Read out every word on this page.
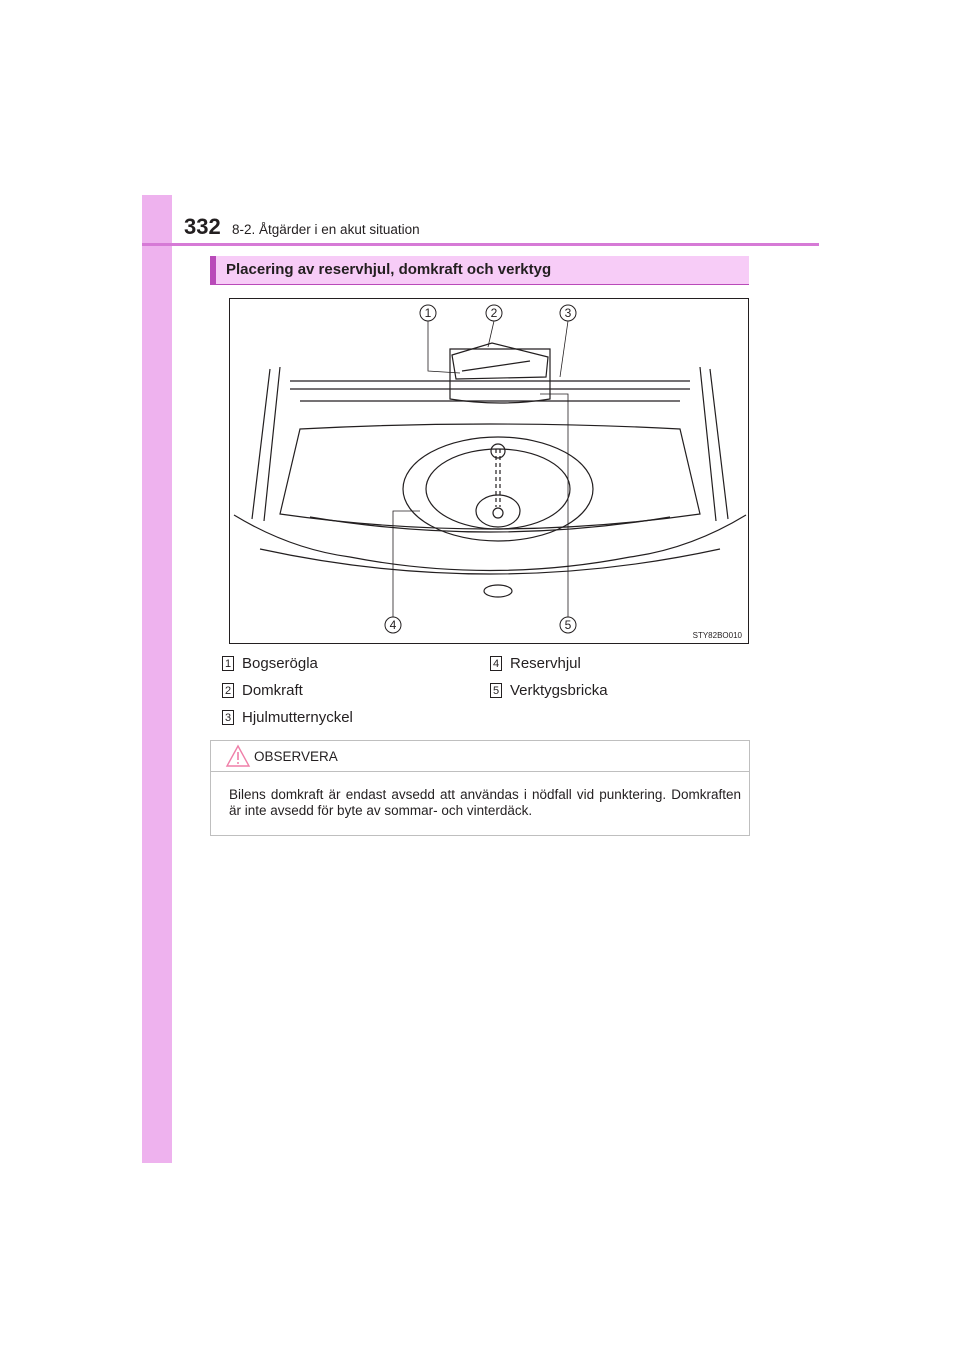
332 8-2. Åtgärder i en akut situation
Placering av reservhjul, domkraft och verktyg
1	2	3
4	5
STY82BO010
1 Bogserögla
2 Domkraft
3 Hjulmutternyckel
4 Reservhjul
5 Verktygsbricka
OBSERVERA
Bilens domkraft är endast avsedd att användas i nödfall vid punktering. Domkraften är inte avsedd för byte av sommar- och vinterdäck.
